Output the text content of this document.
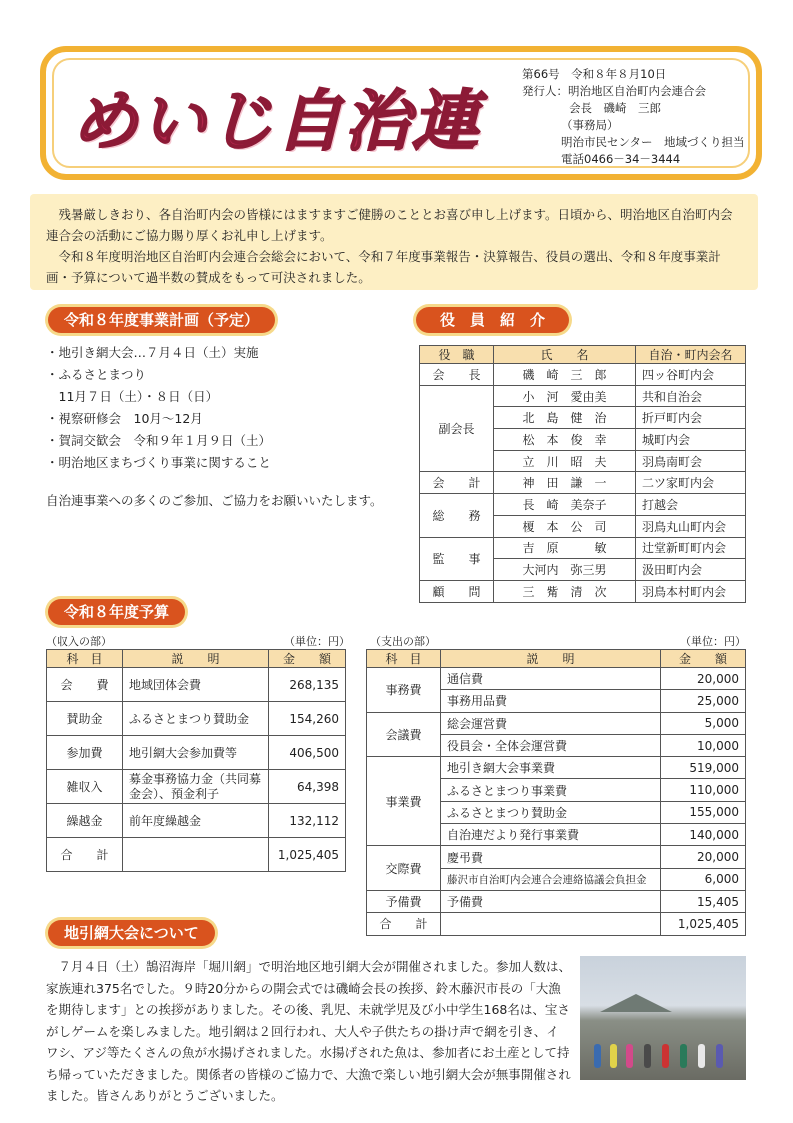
めいじ自治連
第66号
　 令和８年８月10日
発行人： 明治地区自治町内会連合会
会長　磯崎　三郎
（事務局）
明治市民センター　地域づくり担当
電話0466－34－3444

残暑厳しきおり、各自治町内会の皆様にはますますご健勝のこととお喜び申し上げます。日頃から、明治地区自治町内会連合会の活動にご協力賜り厚くお礼申し上げます。

令和８年度明治地区自治町内会連合会総会において、令和７年度事業報告・決算報告、役員の選出、令和８年度事業計画・予算について過半数の賛成をもって可決されました。

令和８年度事業計画（予定）
・地引き網大会…７月４日（土）実施
・ふるさとまつり
　11月７日（土）・８日（日）
・視察研修会　10月～12月
・賀詞交歓会　令和９年１月９日（土）
・明治地区まちづくり事業に関すること
自治連事業への多くのご参加、ご協力をお願いいたします。
役　員　紹　介
役　職	氏　　名	自治・町内会名
会　　長	磯　崎　三　郎	四ッ谷町内会
副会長	小　河　愛由美	共和自治会
	北　島　健　治	折戸町内会
	松　本　俊　幸	城町内会
	立　川　昭　夫	羽鳥南町会
会　　計	神　田　謙　一	二ツ家町内会
総　　務	長　崎　美奈子	打越会
	榎　本　公　司	羽鳥丸山町内会
監　　事	吉　原　　　敏	辻堂新町町内会
	大河内　弥三男	汲田町内会
顧　　問	三　觜　清　次	羽鳥本村町内会
令和８年度予算
（収入の部）	（単位：円） （支出の部）	（単位：円）
科　目	説　　明	金　　額
会　　費	地域団体会費	268,135
賛助金	ふるさとまつり賛助金	154,260
参加費	地引網大会参加費等	406,500
雑収入	募金事務協力金（共同募金会）、預金利子	64,398
繰越金	前年度繰越金	132,112
合　　計		1,025,405
科　目	説　　明	金　　額
事務費	通信費	20,000
	事務用品費	25,000
会議費	総会運営費	5,000
	役員会・全体会運営費	10,000
事業費	地引き網大会事業費	519,000
	ふるさとまつり事業費	110,000
	ふるさとまつり賛助金	155,000
	自治連だより発行事業費	140,000
交際費	慶弔費	20,000
	藤沢市自治町内会連合会連絡協議会負担金	6,000
予備費	予備費	15,405
合　　計		1,025,405
地引網大会について
７月４日（土）鵠沼海岸「堀川網」で明治地区地引網大会が開催されました。参加人数は、家族連れ375名でした。９時20分からの開会式では磯崎会長の挨拶、鈴木藤沢市長の「大漁を期待します」との挨拶がありました。その後、乳児、未就学児及び小中学生168名は、宝さがしゲームを楽しみました。地引網は２回行われ、大人や子供たちの掛け声で網を引き、イワシ、アジ等たくさんの魚が水揚げされました。水揚げされた魚は、参加者にお土産として持ち帰っていただきました。関係者の皆様のご協力で、大漁で楽しい地引網大会が無事開催されました。皆さんありがとうございました。
